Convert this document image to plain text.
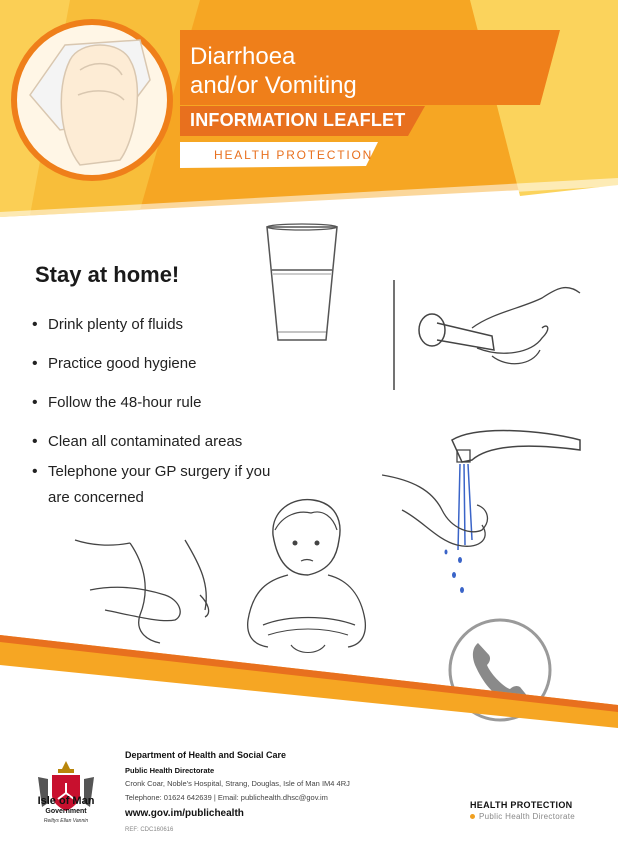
Diarrhoea
and/or Vomiting
INFORMATION LEAFLET
HEALTH PROTECTION
Stay at home!
• Drink plenty of fluids
• Practice good hygiene
• Follow the 48-hour rule
• Clean all contaminated areas
• Telephone your GP surgery if you are concerned
Isle of Man
Government
Reiltys Ellan Vannin
Department of Health and Social Care
Public Health Directorate
Cronk Coar, Noble's Hospital, Strang, Douglas, Isle of Man IM4 4RJ
Telephone: 01624 642639 | Email: publichealth.dhsc@gov.im
www.gov.im/publichealth
REF: CDC160616
HEALTH PROTECTION
Public Health Directorate
